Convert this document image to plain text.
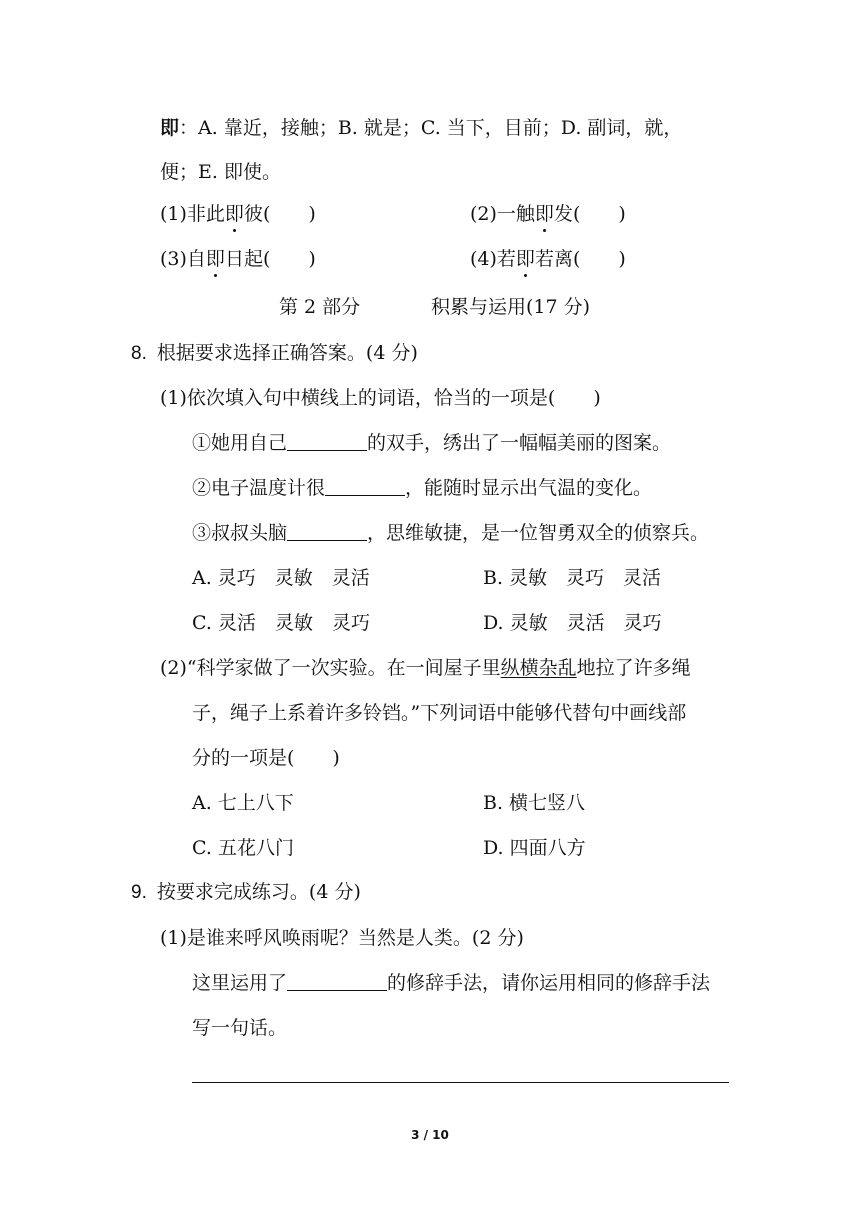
即：A. 靠近，接触；B. 就是；C. 当下，目前；D. 副词，就，
便；E. 即使。
(1)非此即彼(　　)	(2)一触即发(　　)
(3)自即日起(　　)	(4)若即若离(　　)
第 2 部分	积累与运用(17 分)
8. 根据要求选择正确答案。(4 分)
(1)依次填入句中横线上的词语，恰当的一项是(　　)
①她用自己	的双手，绣出了一幅幅美丽的图案。
②电子温度计很	，能随时显示出气温的变化。
③叔叔头脑	，思维敏捷，是一位智勇双全的侦察兵。
A. 灵巧　灵敏　灵活	B. 灵敏　灵巧　灵活
C. 灵活　灵敏　灵巧	D. 灵敏　灵活　灵巧
(2)“科学家做了一次实验。在一间屋子里纵横杂乱地拉了许多绳
子，绳子上系着许多铃铛。”下列词语中能够代替句中画线部
分的一项是(　　)
A. 七上八下	B. 横七竖八
C. 五花八门	D. 四面八方
9. 按要求完成练习。(4 分)
(1)是谁来呼风唤雨呢？当然是人类。(2 分)
这里运用了	的修辞手法，请你运用相同的修辞手法
写一句话。
3 / 10
